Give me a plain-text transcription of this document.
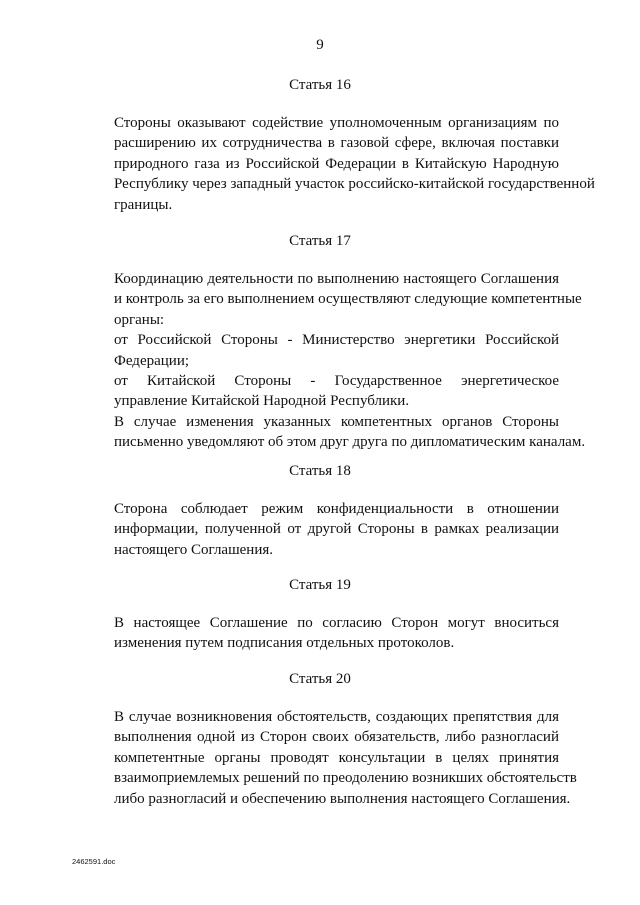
9
Статья 16

Стороны оказывают содействие уполномоченным организациям по
расширению их сотрудничества в газовой сфере, включая поставки
природного газа из Российской Федерации в Китайскую Народную
Республику через западный участок российско-китайской государственной
границы.

Статья 17

Координацию деятельности по выполнению настоящего Соглашения
и контроль за его выполнением осуществляют следующие компетентные
органы:

от Российской Стороны - Министерство энергетики Российской
Федерации;

от Китайской Стороны - Государственное энергетическое
управление Китайской Народной Республики.

В случае изменения указанных компетентных органов Стороны
письменно уведомляют об этом друг друга по дипломатическим каналам.

Статья 18

Сторона соблюдает режим конфиденциальности в отношении
информации, полученной от другой Стороны в рамках реализации
настоящего Соглашения.

Статья 19

В настоящее Соглашение по согласию Сторон могут вноситься
изменения путем подписания отдельных протоколов.

Статья 20

В случае возникновения обстоятельств, создающих препятствия для
выполнения одной из Сторон своих обязательств, либо разногласий
компетентные органы проводят консультации в целях принятия
взаимоприемлемых решений по преодолению возникших обстоятельств
либо разногласий и обеспечению выполнения настоящего Соглашения.

2462591.doc
